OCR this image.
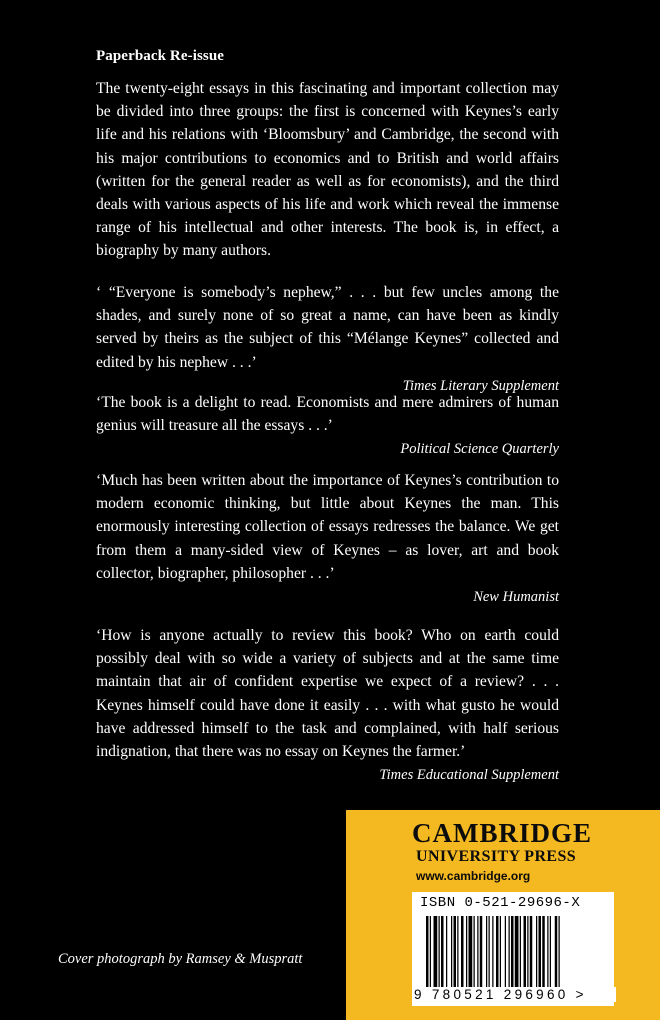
Paperback Re-issue

The twenty-eight essays in this fascinating and important collection may be divided into three groups: the first is concerned with Keynes’s early life and his relations with ‘Bloomsbury’ and Cambridge, the second with his major contributions to economics and to British and world affairs (written for the general reader as well as for economists), and the third deals with various aspects of his life and work which reveal the immense range of his intellectual and other interests. The book is, in effect, a biography by many authors.

‘ “Everyone is somebody’s nephew,” . . . but few uncles among the shades, and surely none of so great a name, can have been as kindly served by theirs as the subject of this “Mélange Keynes” collected and edited by his nephew . . .’

Times Literary Supplement

‘The book is a delight to read. Economists and mere admirers of human genius will treasure all the essays . . .’

Political Science Quarterly

‘Much has been written about the importance of Keynes’s contribution to modern economic thinking, but little about Keynes the man. This enormously interesting collection of essays redresses the balance. We get from them a many-sided view of Keynes – as lover, art and book collector, biographer, philosopher . . .’

New Humanist

‘How is anyone actually to review this book? Who on earth could possibly deal with so wide a variety of subjects and at the same time maintain that air of confident expertise we expect of a review? . . . Keynes himself could have done it easily . . . with what gusto he would have addressed himself to the task and complained, with half serious indignation, that there was no essay on Keynes the farmer.’

Times Educational Supplement
Cover photograph by Ramsey & Muspratt
CAMBRIDGE
UNIVERSITY PRESS
www.cambridge.org
ISBN 0-521-29696-X
9 780521 296960 >
